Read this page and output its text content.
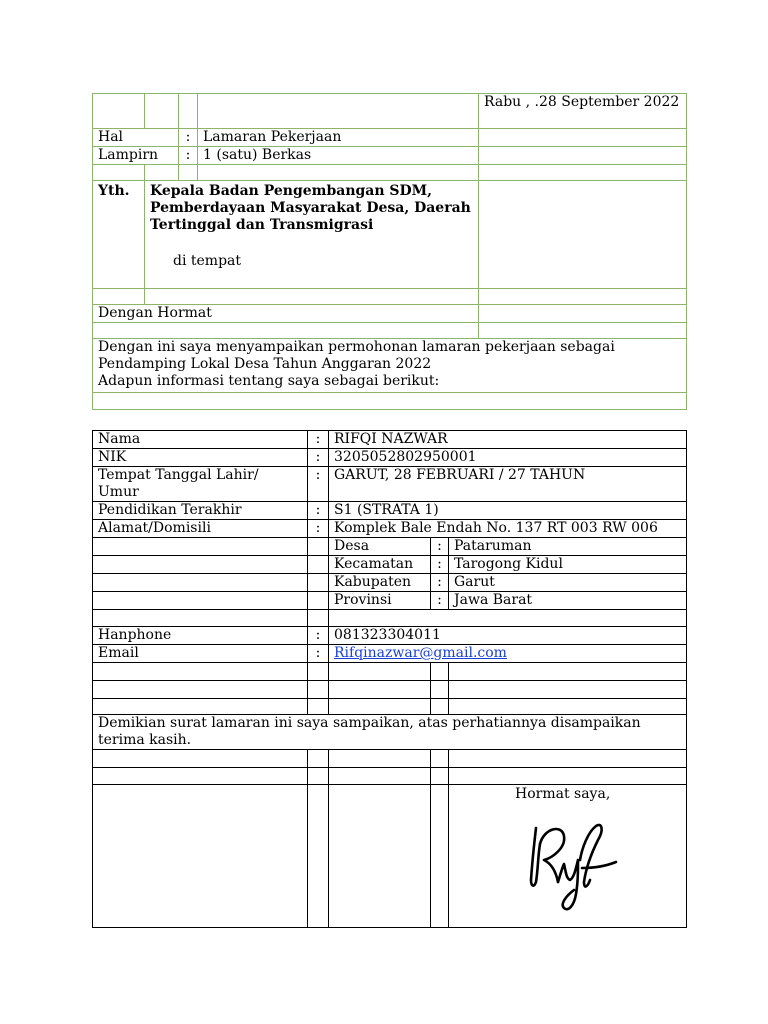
				Rabu , .28 September 2022
Hal		:	Lamaran Pekerjaan	
Lampirn		:	1 (satu) Berkas	

Yth.	Kepala Badan Pengembangan SDM, Pemberdayaan Masyarakat Desa, Daerah Tertinggal dan Transmigrasi
di tempat			

Dengan Hormat				

Dengan ini saya menyampaikan permohonan lamaran pekerjaan sebagai Pendamping Lokal Desa Tahun Anggaran 2022
Adapun informasi tentang saya sebagai berikut:				

Nama	:	RIFQI NAZWAR		
NIK	:	3205052802950001		
Tempat Tanggal Lahir/ Umur	:	GARUT, 28 FEBRUARI / 27 TAHUN		
Pendidikan Terakhir	:	S1 (STRATA 1)		
Alamat/Domisili	:	Komplek Bale Endah No. 137 RT 003 RW 006		
		Desa	:	Pataruman
		Kecamatan	:	Tarogong Kidul
		Kabupaten	:	Garut
		Provinsi	:	Jawa Barat

Hanphone	:	081323304011		
Email	:	Rifqinazwar@gmail.com		

Demikian surat lamaran ini saya sampaikan, atas perhatiannya disampaikan terima kasih.				

				Hormat saya,
